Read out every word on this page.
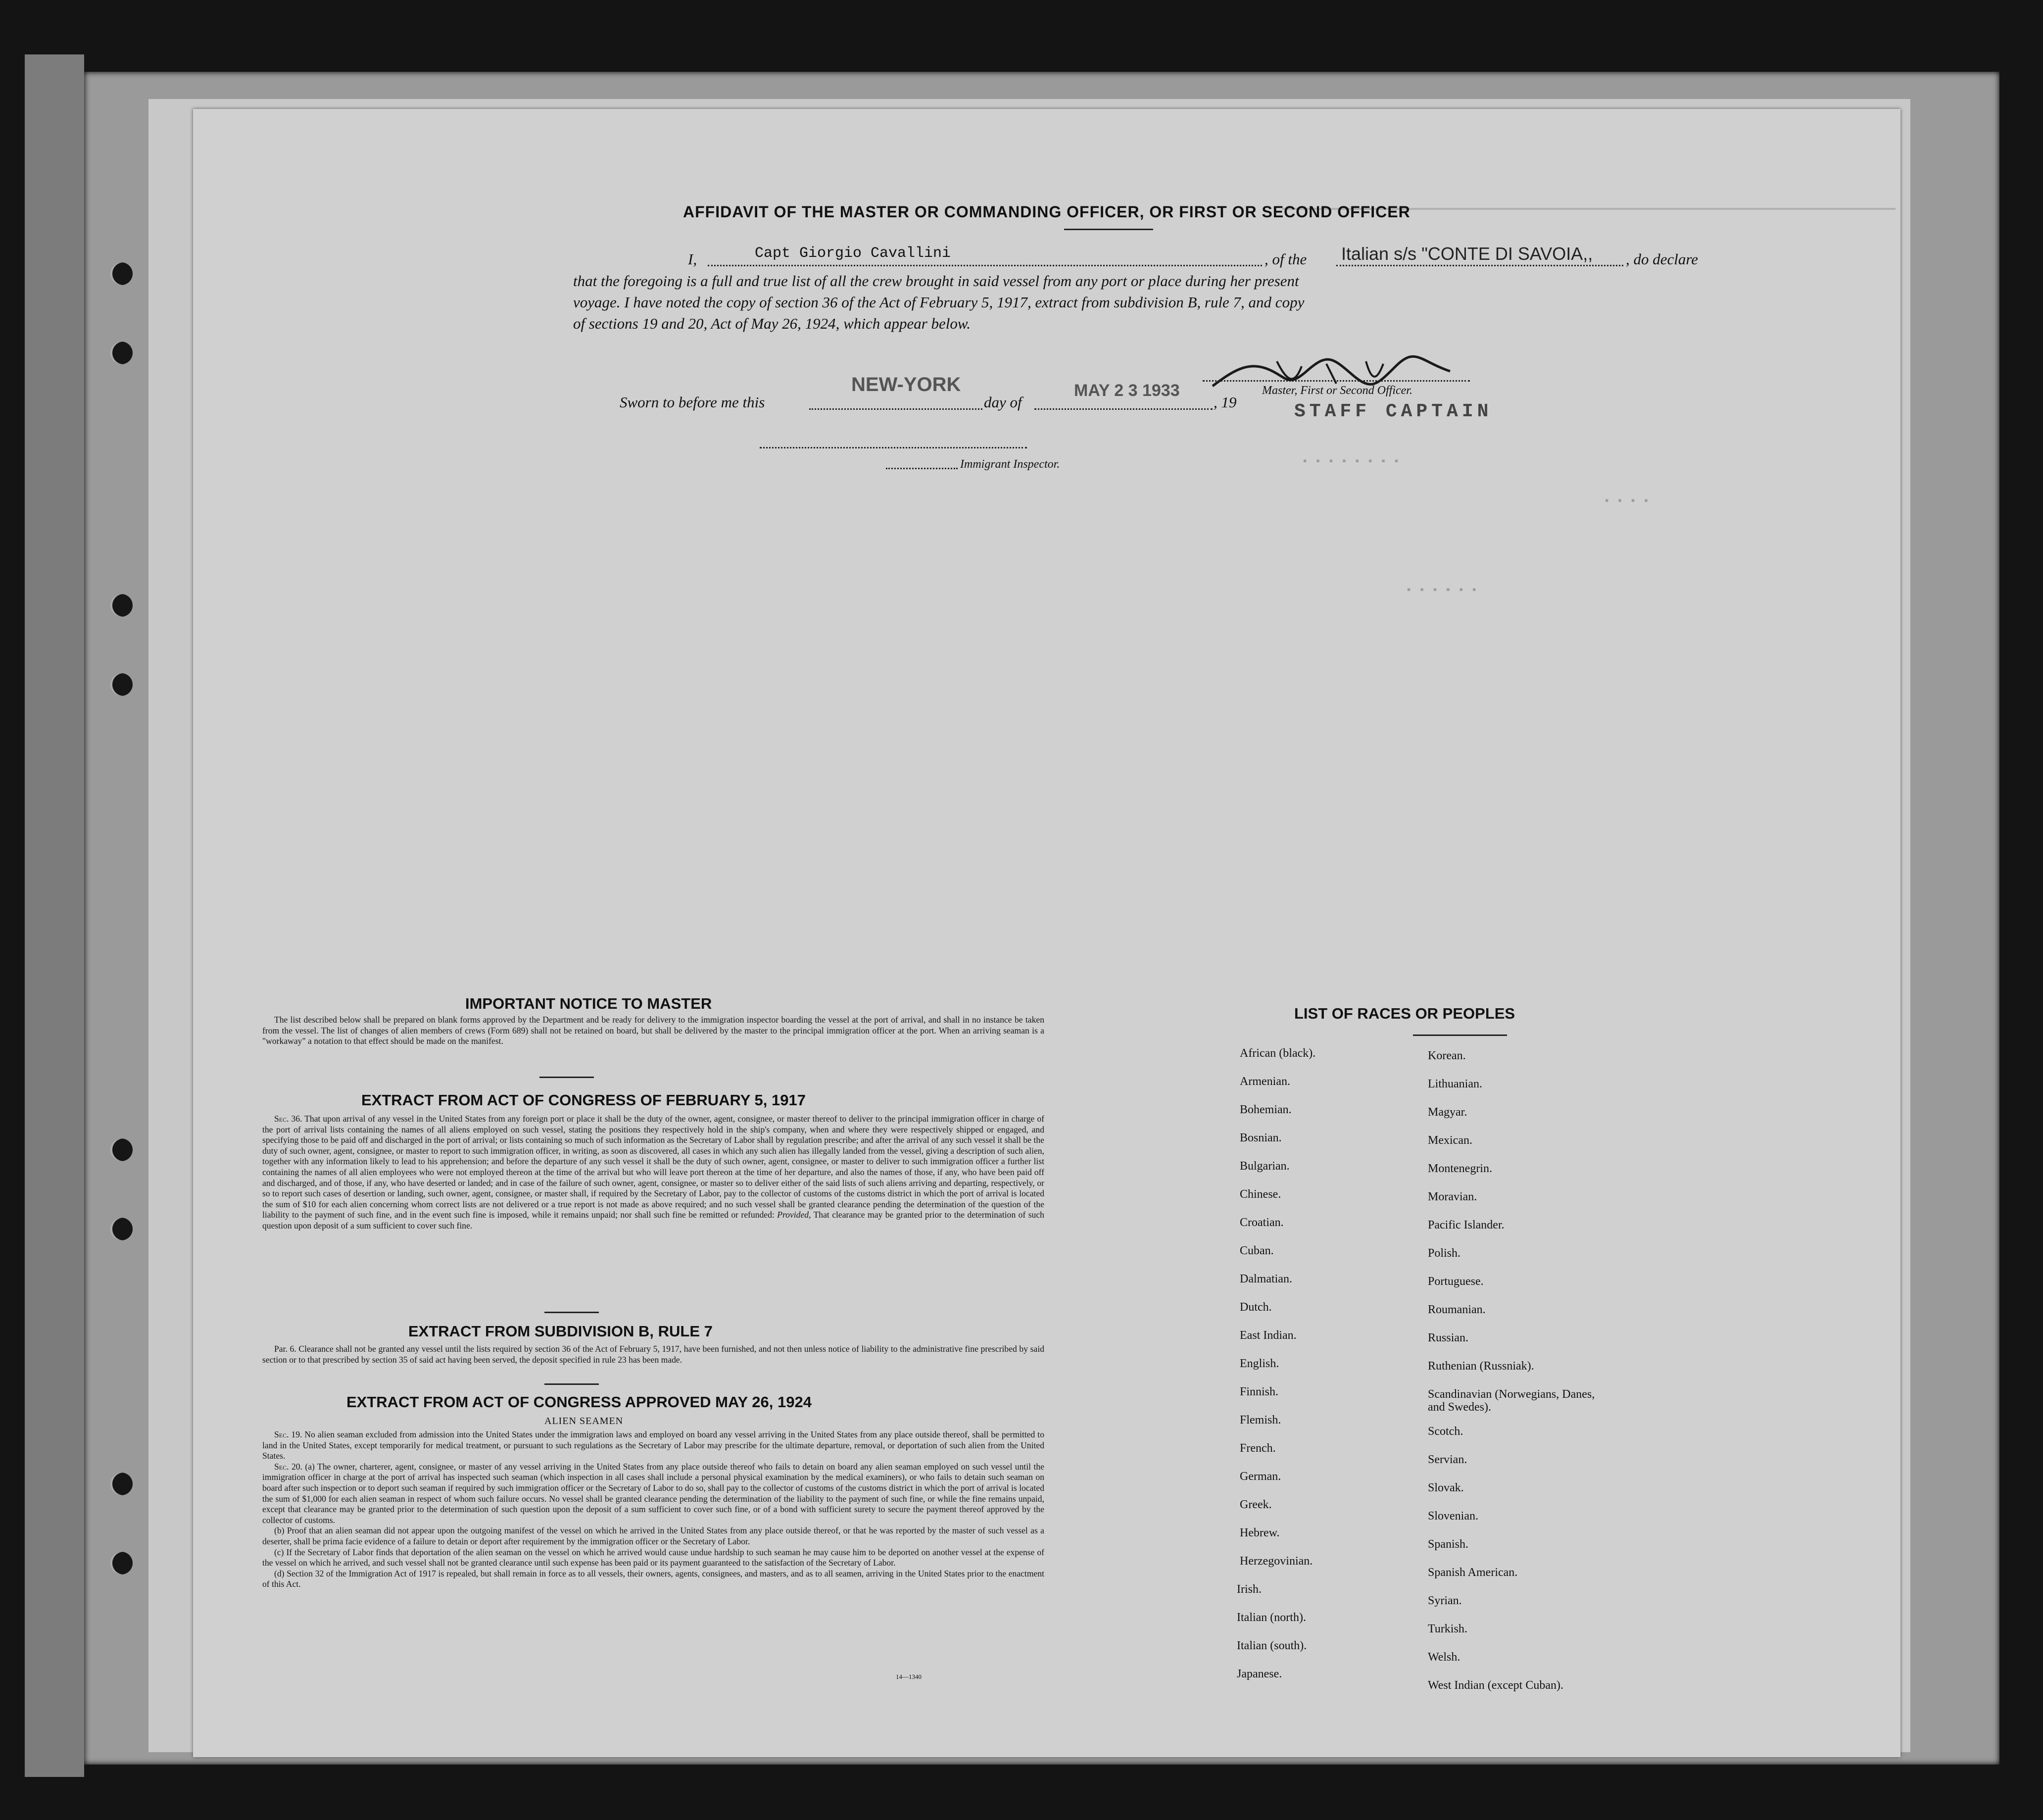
▪ ▪ ▪ ▪ ▪ ▪ ▪ ▪
▪ ▪ ▪ ▪
▪ ▪ ▪ ▪ ▪ ▪
AFFIDAVIT OF THE MASTER OR COMMANDING OFFICER, OR FIRST OR SECOND OFFICER
I,	Capt Giorgio Cavallini	, of the Italian s/s "CONTE DI SAVOIA,, , do declare
that the foregoing is a full and true list of all the crew brought in said vessel from any port or place during her present
voyage. I have noted the copy of section 36 of the Act of February 5, 1917, extract from subdivision B, rule 7, and copy
of sections 19 and 20, Act of May 26, 1924, which appear below.
Sworn to before me this
NEW-YORK
day of
MAY 2 3 1933
, 19
Master, First or Second Officer.
STAFF CAPTAIN
Immigrant Inspector.
IMPORTANT NOTICE TO MASTER

The list described below shall be prepared on blank forms approved by the Department and be ready for delivery to the immigration inspector boarding the vessel at the port of arrival, and shall in no instance be taken from the vessel. The list of changes of alien members of crews (Form 689) shall not be retained on board, but shall be delivered by the master to the principal immigration officer at the port. When an arriving seaman is a "workaway" a notation to that effect should be made on the manifest.

EXTRACT FROM ACT OF CONGRESS OF FEBRUARY 5, 1917

Sec. 36. That upon arrival of any vessel in the United States from any foreign port or place it shall be the duty of the owner, agent, consignee, or master thereof to deliver to the principal immigration officer in charge of the port of arrival lists containing the names of all aliens employed on such vessel, stating the positions they respectively hold in the ship's company, when and where they were respectively shipped or engaged, and specifying those to be paid off and discharged in the port of arrival; or lists containing so much of such information as the Secretary of Labor shall by regulation prescribe; and after the arrival of any such vessel it shall be the duty of such owner, agent, consignee, or master to report to such immigration officer, in writing, as soon as discovered, all cases in which any such alien has illegally landed from the vessel, giving a description of such alien, together with any information likely to lead to his apprehension; and before the departure of any such vessel it shall be the duty of such owner, agent, consignee, or master to deliver to such immigration officer a further list containing the names of all alien employees who were not employed thereon at the time of the arrival but who will leave port thereon at the time of her departure, and also the names of those, if any, who have been paid off and discharged, and of those, if any, who have deserted or landed; and in case of the failure of such owner, agent, consignee, or master so to deliver either of the said lists of such aliens arriving and departing, respectively, or so to report such cases of desertion or landing, such owner, agent, consignee, or master shall, if required by the Secretary of Labor, pay to the collector of customs of the customs district in which the port of arrival is located the sum of $10 for each alien concerning whom correct lists are not delivered or a true report is not made as above required; and no such vessel shall be granted clearance pending the determination of the question of the liability to the payment of such fine, and in the event such fine is imposed, while it remains unpaid; nor shall such fine be remitted or refunded: Provided, That clearance may be granted prior to the determination of such question upon deposit of a sum sufficient to cover such fine.

EXTRACT FROM SUBDIVISION B, RULE 7

Par. 6. Clearance shall not be granted any vessel until the lists required by section 36 of the Act of February 5, 1917, have been furnished, and not then unless notice of liability to the administrative fine prescribed by said section or to that prescribed by section 35 of said act having been served, the deposit specified in rule 23 has been made.

EXTRACT FROM ACT OF CONGRESS APPROVED MAY 26, 1924
ALIEN SEAMEN

Sec. 19. No alien seaman excluded from admission into the United States under the immigration laws and employed on board any vessel arriving in the United States from any place outside thereof, shall be permitted to land in the United States, except temporarily for medical treatment, or pursuant to such regulations as the Secretary of Labor may prescribe for the ultimate departure, removal, or deportation of such alien from the United States.

Sec. 20. (a) The owner, charterer, agent, consignee, or master of any vessel arriving in the United States from any place outside thereof who fails to detain on board any alien seaman employed on such vessel until the immigration officer in charge at the port of arrival has inspected such seaman (which inspection in all cases shall include a personal physical examination by the medical examiners), or who fails to detain such seaman on board after such inspection or to deport such seaman if required by such immigration officer or the Secretary of Labor to do so, shall pay to the collector of customs of the customs district in which the port of arrival is located the sum of $1,000 for each alien seaman in respect of whom such failure occurs. No vessel shall be granted clearance pending the determination of the liability to the payment of such fine, or while the fine remains unpaid, except that clearance may be granted prior to the determination of such question upon the deposit of a sum sufficient to cover such fine, or of a bond with sufficient surety to secure the payment thereof approved by the collector of customs.

(b) Proof that an alien seaman did not appear upon the outgoing manifest of the vessel on which he arrived in the United States from any place outside thereof, or that he was reported by the master of such vessel as a deserter, shall be prima facie evidence of a failure to detain or deport after requirement by the immigration officer or the Secretary of Labor.

(c) If the Secretary of Labor finds that deportation of the alien seaman on the vessel on which he arrived would cause undue hardship to such seaman he may cause him to be deported on another vessel at the expense of the vessel on which he arrived, and such vessel shall not be granted clearance until such expense has been paid or its payment guaranteed to the satisfaction of the Secretary of Labor.

(d) Section 32 of the Immigration Act of 1917 is repealed, but shall remain in force as to all vessels, their owners, agents, consignees, and masters, and as to all seamen, arriving in the United States prior to the enactment of this Act.

14—1340
LIST OF RACES OR PEOPLES
African (black).
Armenian.
Bohemian.
Bosnian.
Bulgarian.
Chinese.
Croatian.
Cuban.
Dalmatian.
Dutch.
East Indian.
English.
Finnish.
Flemish.
French.
German.
Greek.
Hebrew.
Herzegovinian.
Irish.
Italian (north).
Italian (south).
Japanese.
Korean.
Lithuanian.
Magyar.
Mexican.
Montenegrin.
Moravian.
Pacific Islander.
Polish.
Portuguese.
Roumanian.
Russian.
Ruthenian (Russniak).
Scandinavian (Norwegians, Danes, and Swedes).
Scotch.
Servian.
Slovak.
Slovenian.
Spanish.
Spanish American.
Syrian.
Turkish.
Welsh.
West Indian (except Cuban).
